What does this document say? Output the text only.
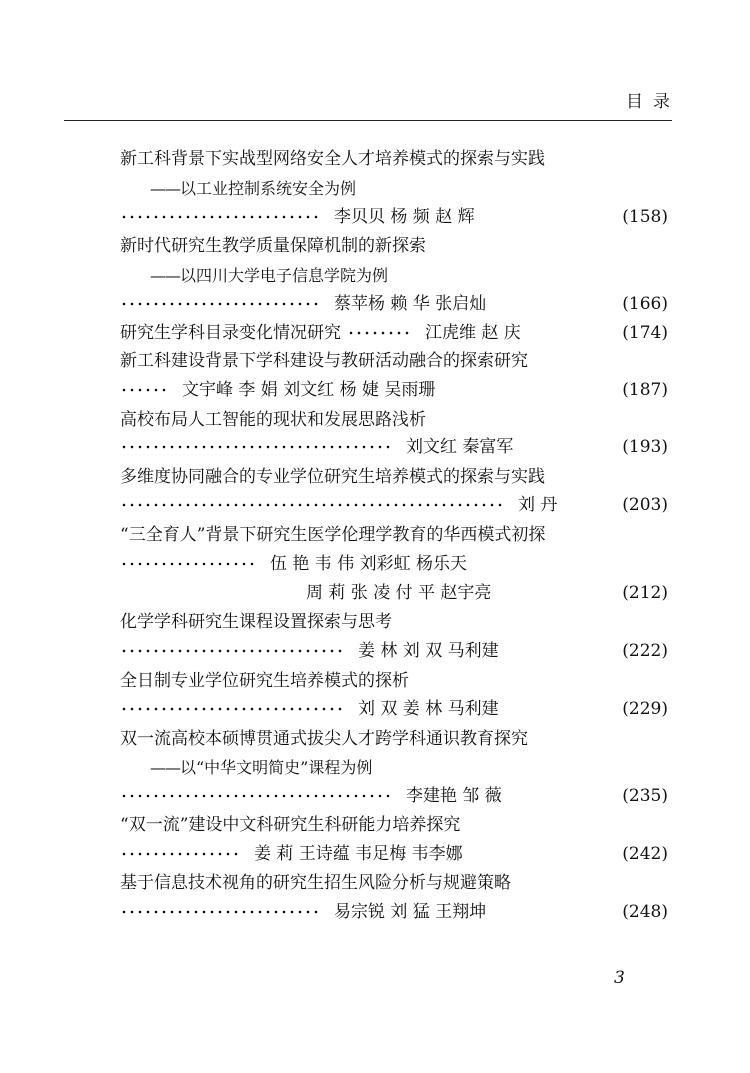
目录
新工科背景下实战型网络安全人才培养模式的探索与实践
——以工业控制系统安全为例
李贝贝 杨 频 赵 辉	(158)
新时代研究生教学质量保障机制的新探索
——以四川大学电子信息学院为例
蔡苹杨 赖 华 张启灿	(166)
研究生学科目录变化情况研究	江虎维 赵 庆	(174)
新工科建设背景下学科建设与教研活动融合的探索研究
文宇峰 李 娟 刘文红 杨 婕 吴雨珊	(187)
高校布局人工智能的现状和发展思路浅析
刘文红 秦富军	(193)
多维度协同融合的专业学位研究生培养模式的探索与实践
刘 丹	(203)
“三全育人”背景下研究生医学伦理学教育的华西模式初探
伍 艳 韦 伟 刘彩虹 杨乐天
周 莉 张 凌 付 平 赵宇亮	(212)
化学学科研究生课程设置探索与思考
姜 林 刘 双 马利建	(222)
全日制专业学位研究生培养模式的探析
刘 双 姜 林 马利建	(229)
双一流高校本硕博贯通式拔尖人才跨学科通识教育探究
——以“中华文明简史”课程为例
李建艳 邹 薇	(235)
“双一流”建设中文科研究生科研能力培养探究
姜 莉 王诗蕴 韦足梅 韦李娜	(242)
基于信息技术视角的研究生招生风险分析与规避策略
易宗锐 刘 猛 王翔坤	(248)
3
